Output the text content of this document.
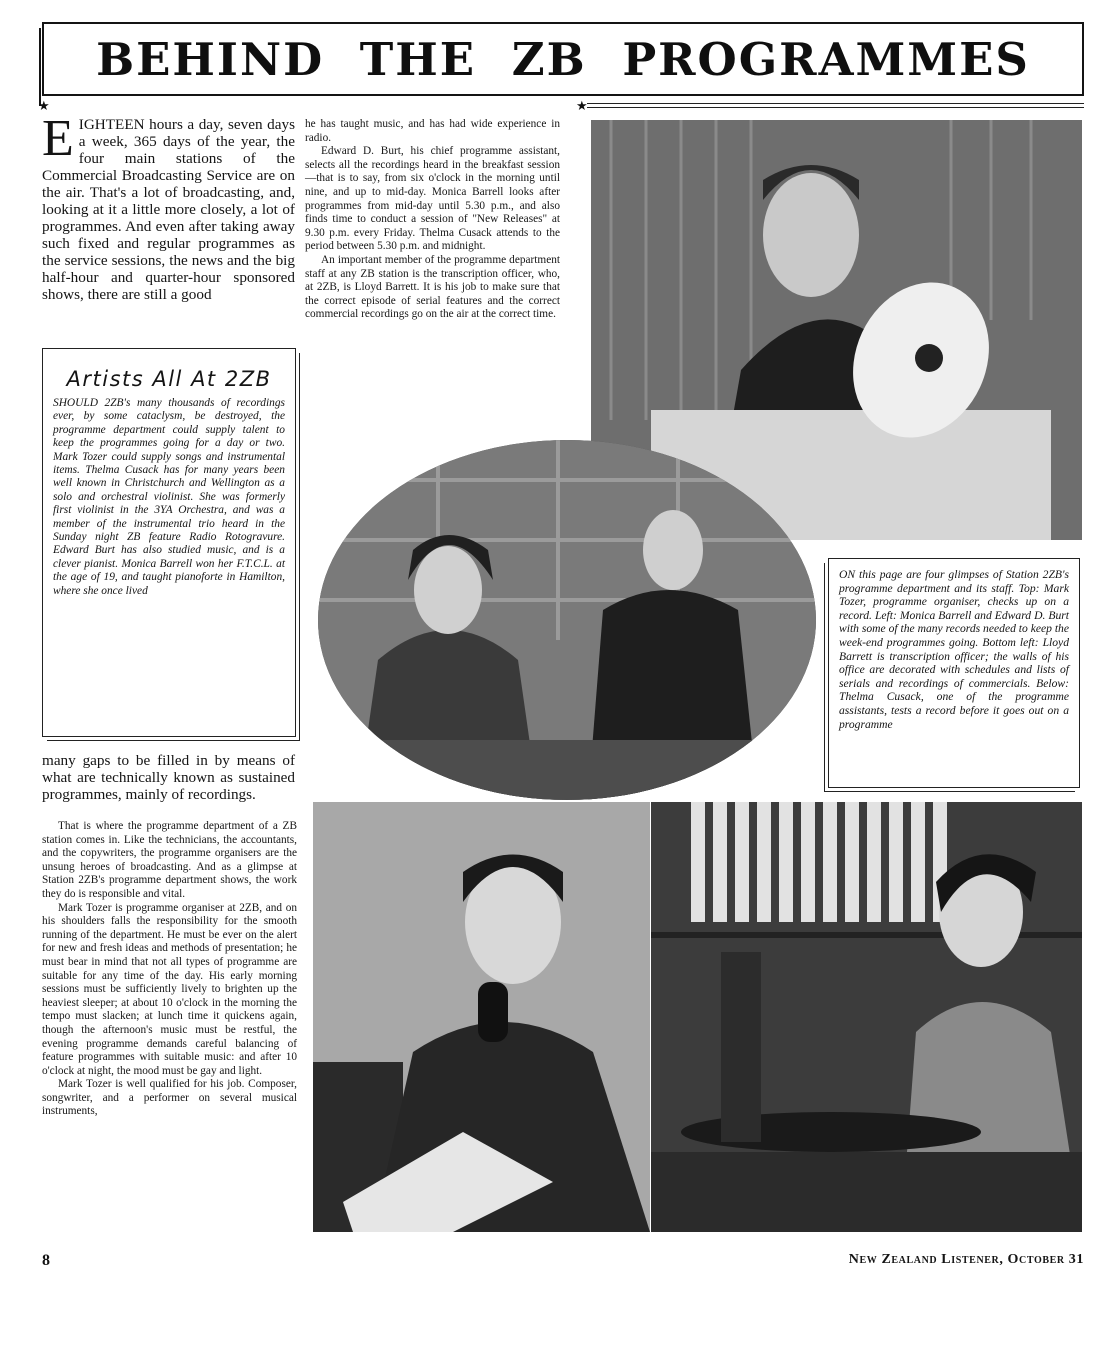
BEHIND THE ZB PROGRAMMES
★	★
EIGHTEEN hours a day, seven days a week, 365 days of the year, the four main stations of the Commercial Broadcasting Service are on the air. That's a lot of broadcasting, and, looking at it a little more closely, a lot of programmes. And even after taking away such fixed and regular programmes as the service sessions, the news and the big half-hour and quarter-hour sponsored shows, there are still a good
Artists All At 2ZB

SHOULD 2ZB's many thousands of recordings ever, by some cataclysm, be destroyed, the programme department could supply talent to keep the programmes going for a day or two. Mark Tozer could supply songs and instrumental items. Thelma Cusack has for many years been well known in Christchurch and Wellington as a solo and orchestral violinist. She was formerly first violinist in the 3YA Orchestra, and was a member of the instrumental trio heard in the Sunday night ZB feature Radio Rotogravure. Edward Burt has also studied music, and is a clever pianist. Monica Barrell won her F.T.C.L. at the age of 19, and taught pianoforte in Hamilton, where she once lived

many gaps to be filled in by means of what are technically known as sustained programmes, mainly of recordings.

That is where the programme department of a ZB station comes in. Like the technicians, the accountants, and the copywriters, the programme organisers are the unsung heroes of broadcasting. And as a glimpse at Station 2ZB's programme department shows, the work they do is responsible and vital.

Mark Tozer is programme organiser at 2ZB, and on his shoulders falls the responsibility for the smooth running of the department. He must be ever on the alert for new and fresh ideas and methods of presentation; he must bear in mind that not all types of programme are suitable for any time of the day. His early morning sessions must be sufficiently lively to brighten up the heaviest sleeper; at about 10 o'clock in the morning the tempo must slacken; at lunch time it quickens again, though the afternoon's music must be restful, the evening programme demands careful balancing of feature programmes with suitable music: and after 10 o'clock at night, the mood must be gay and light.

Mark Tozer is well qualified for his job. Composer, songwriter, and a performer on several musical instruments,

he has taught music, and has had wide experience in radio.

Edward D. Burt, his chief programme assistant, selects all the recordings heard in the breakfast session—that is to say, from six o'clock in the morning until nine, and up to mid-day. Monica Barrell looks after programmes from mid-day until 5.30 p.m., and also finds time to conduct a session of "New Releases" at 9.30 p.m. every Friday. Thelma Cusack attends to the period between 5.30 p.m. and midnight.

An important member of the programme department staff at any ZB station is the transcription officer, who, at 2ZB, is Lloyd Barrett. It is his job to make sure that the correct episode of serial features and the correct commercial recordings go on the air at the correct time.

ON this page are four glimpses of Station 2ZB's programme department and its staff. Top: Mark Tozer, programme organiser, checks up on a record. Left: Monica Barrell and Edward D. Burt with some of the many records needed to keep the week-end programmes going. Bottom left: Lloyd Barrett is transcription officer; the walls of his office are decorated with schedules and lists of serials and recordings of commercials. Below: Thelma Cusack, one of the programme assistants, tests a record before it goes out on a programme

8	New Zealand Listener, October 31
